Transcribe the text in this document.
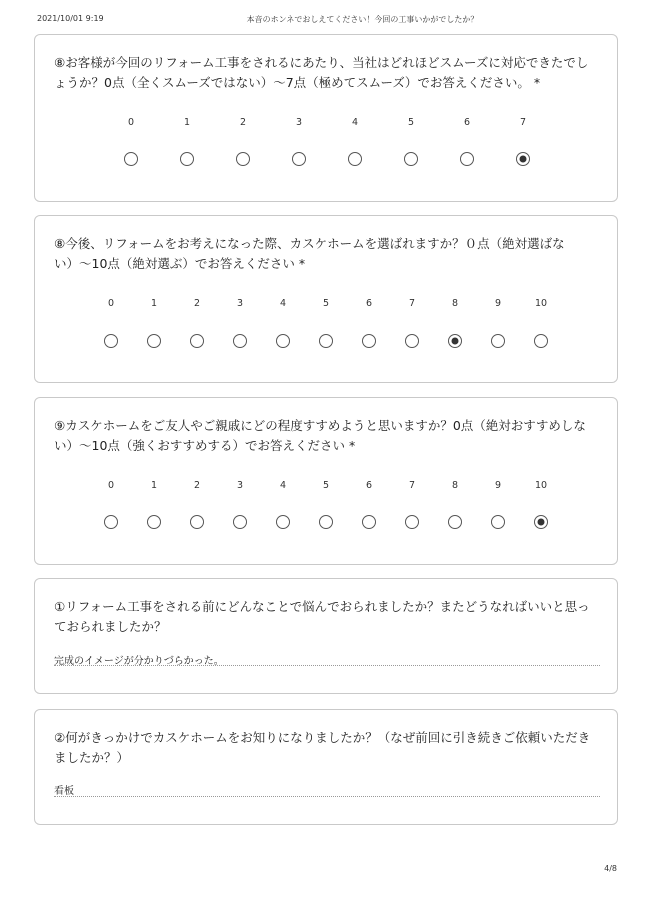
2021/10/01 9:19	本音のホンネでおしえてください！今回の工事いかがでしたか？
⑧お客様が今回のリフォーム工事をされるにあたり、当社はどれほどスムーズに対応できたでしょうか？0点（全くスムーズではない）〜7点（極めてスムーズ）でお答えください。 *
0	1	2	3	4	5	6	7
⑧今後、リフォームをお考えになった際、カスケホームを選ばれますか？０点（絶対選ばない）〜10点（絶対選ぶ）でお答えください *
0	1	2	3	4	5	6	7	8	9	10
⑨カスケホームをご友人やご親戚にどの程度すすめようと思いますか？0点（絶対おすすめしない）〜10点（強くおすすめする）でお答えください *
0	1	2	3	4	5	6	7	8	9	10
①リフォーム工事をされる前にどんなことで悩んでおられましたか？またどうなればいいと思っておられましたか？
完成のイメージが分かりづらかった。
②何がきっかけでカスケホームをお知りになりましたか？（なぜ前回に引き続きご依頼いただきましたか？）
看板
4/8
